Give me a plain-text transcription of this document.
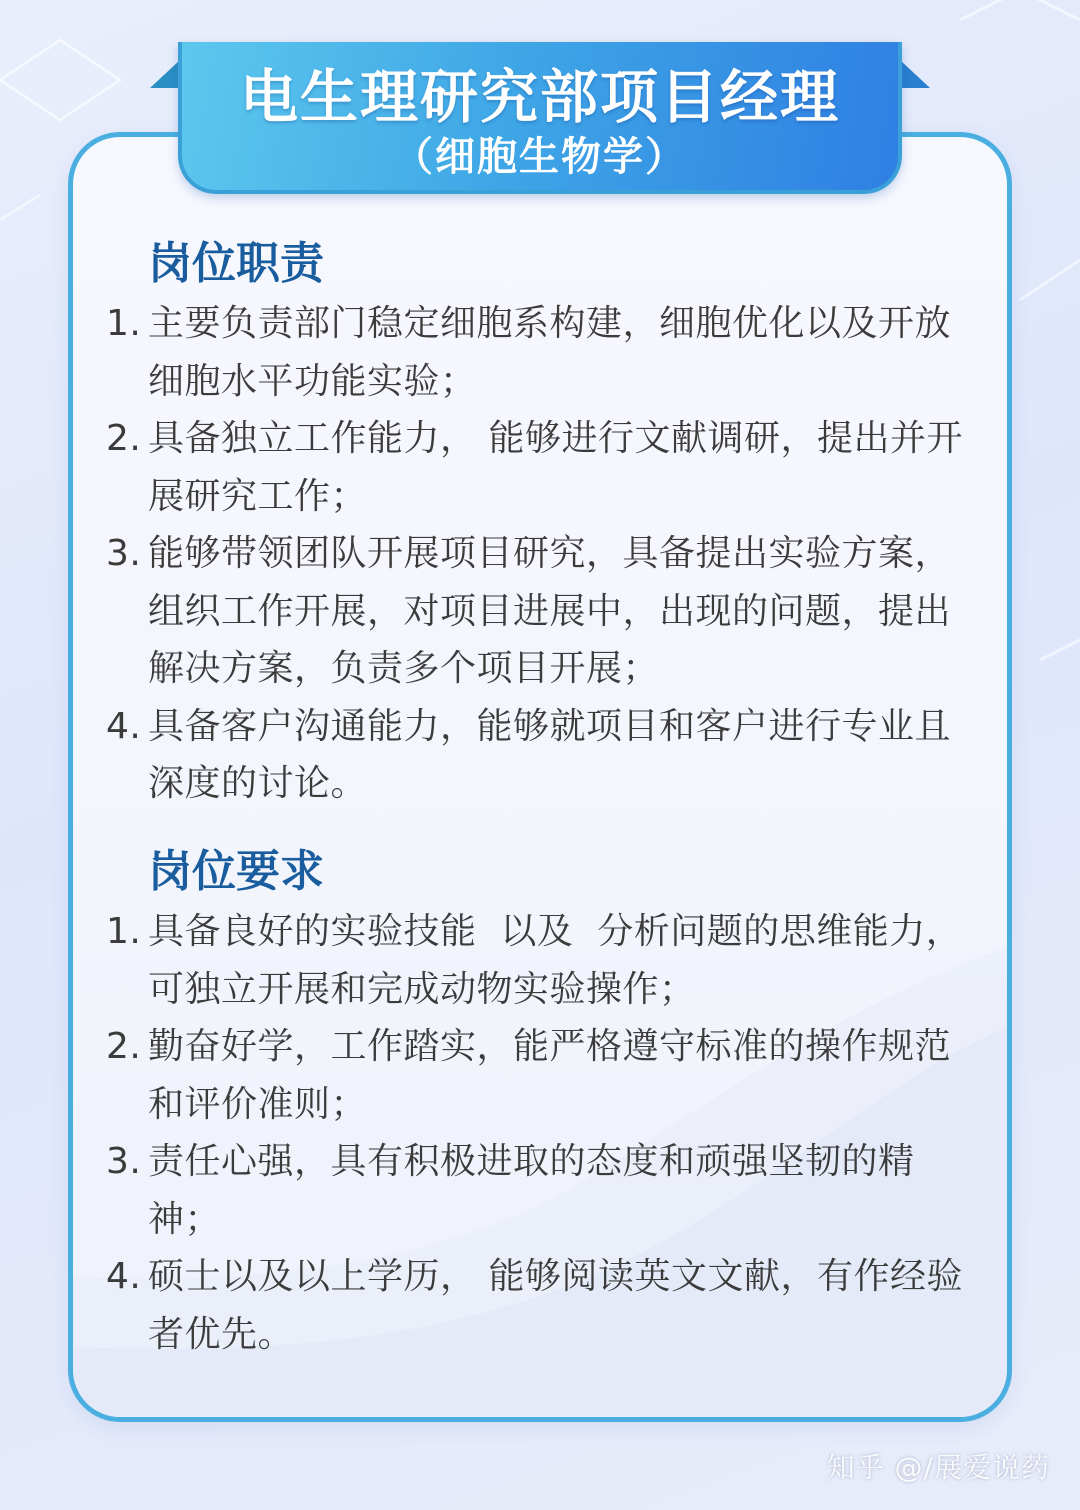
电生理研究部项目经理
（细胞生物学）
岗位职责
1. 主要负责部门稳定细胞系构建，细胞优化以及开放细胞水平功能实验；
2. 具备独立工作能力， 能够进行文献调研，提出并开展研究工作；
3. 能够带领团队开展项目研究，具备提出实验方案，组织工作开展，对项目进展中，出现的问题，提出解决方案，负责多个项目开展；
4. 具备客户沟通能力，能够就项目和客户进行专业且深度的讨论。
岗位要求
1. 具备良好的实验技能  以及  分析问题的思维能力，可独立开展和完成动物实验操作；
2. 勤奋好学，工作踏实，能严格遵守标准的操作规范和评价准则；
3. 责任心强，具有积极进取的态度和顽强坚韧的精神；
4. 硕士以及以上学历， 能够阅读英文文献，有作经验者优先。
知乎 @/展爱说药
